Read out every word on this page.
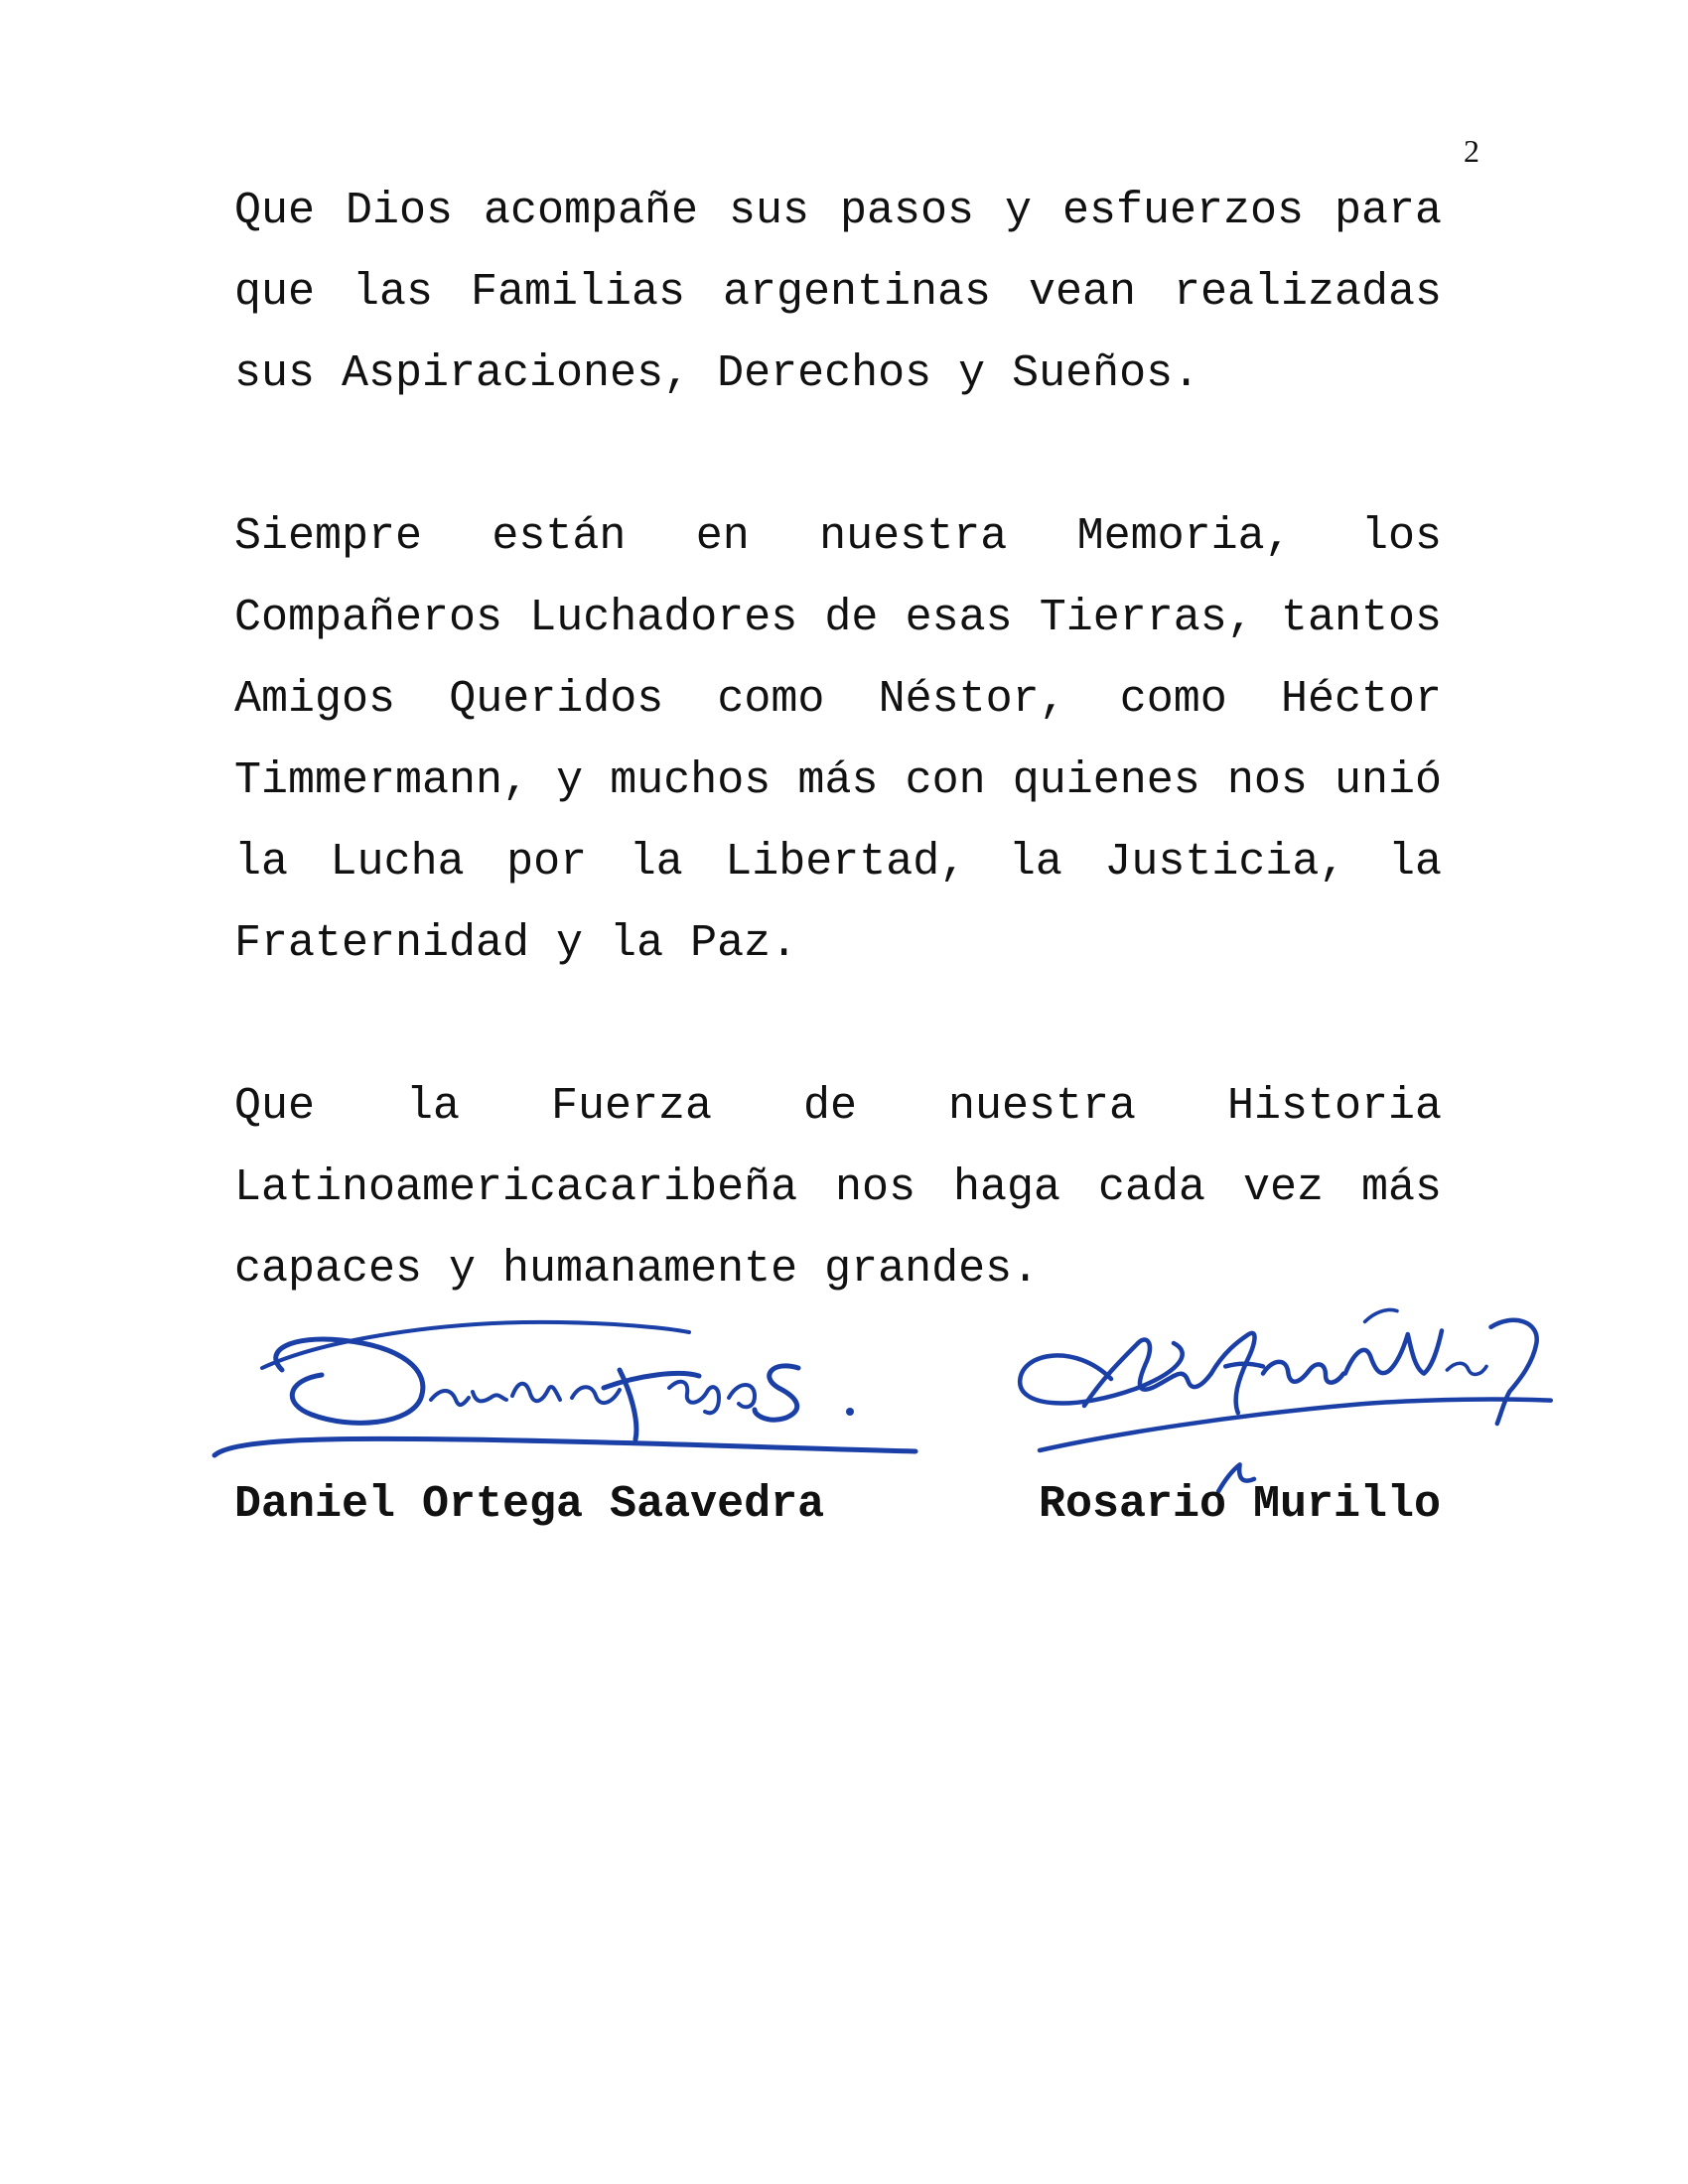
2

Que Dios acompañe sus pasos y esfuerzos para que las Familias argentinas vean realizadas sus Aspiraciones, Derechos y Sueños.

Siempre están en nuestra Memoria, los Compañeros Luchadores de esas Tierras, tantos Amigos Queridos como Néstor, como Héctor Timmermann, y muchos más con quienes nos unió la Lucha por la Libertad, la Justicia, la Fraternidad y la Paz.

Que la Fuerza de nuestra Historia Latinoamericacaribeña nos haga cada vez más capaces y humanamente grandes.

Daniel Ortega Saavedra	Rosario Murillo
